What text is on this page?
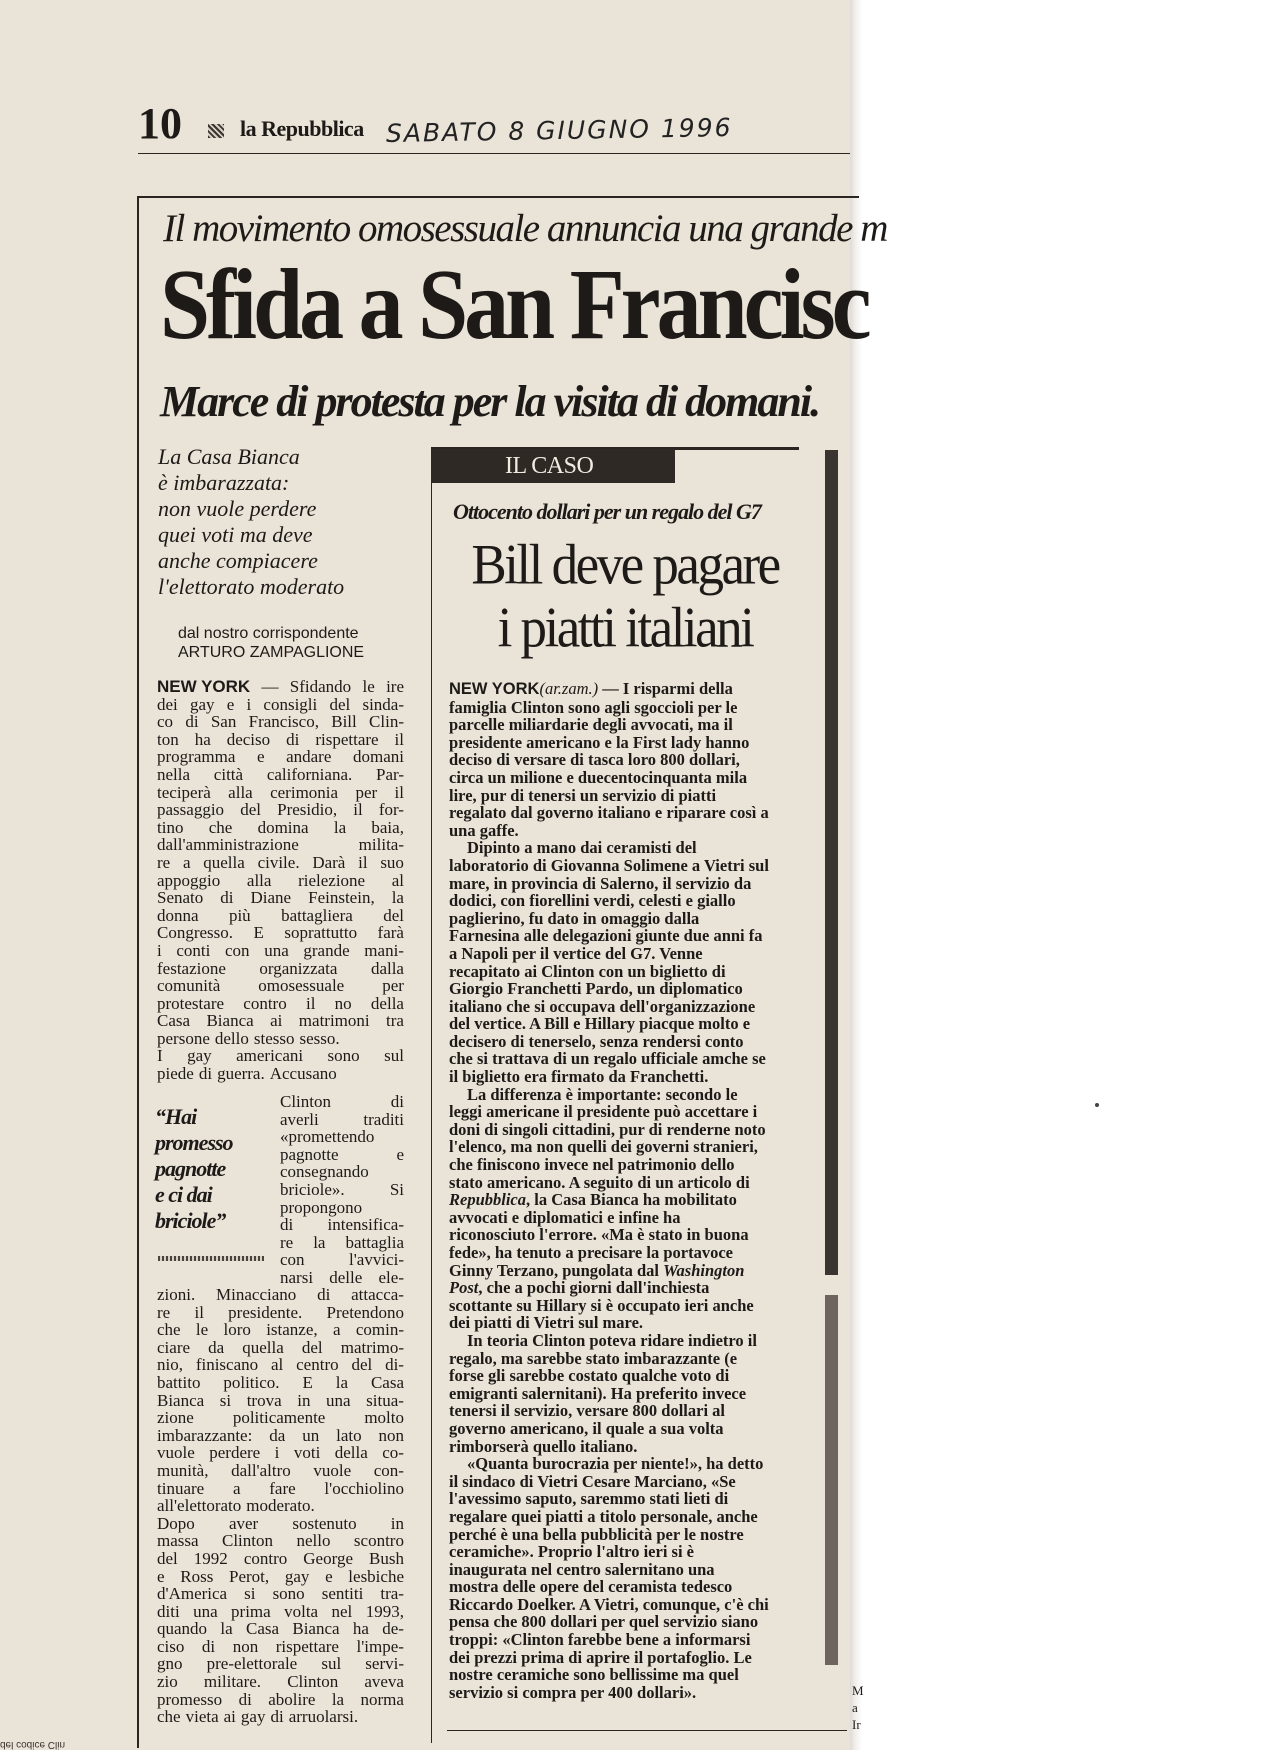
10	la Repubblica SABATO 8 GIUGNO 1996
Il movimento omosessuale annuncia una grande m
Sfida a San Francisc
Marce di protesta per la visita di domani.
La Casa Bianca
è imbarazzata:
non vuole perdere
quei voti ma deve
anche compiacere
l'elettorato moderato
dal nostro corrispondente
ARTURO ZAMPAGLIONE
NEW YORK — Sfidando le ire
dei gay e i consigli del sinda-
co di San Francisco, Bill Clin-
ton ha deciso di rispettare il
programma e andare domani
nella città californiana. Par-
teciperà alla cerimonia per il
passaggio del Presidio, il for-
tino che domina la baia,
dall'amministrazione	milita-
re a quella civile. Darà il suo
appoggio alla rielezione al
Senato di Diane Feinstein, la
donna più battagliera del
Congresso. E soprattutto farà
i conti con una grande mani-
festazione organizzata dalla
comunità omosessuale per
protestare contro il no della
Casa Bianca ai matrimoni tra
persone dello stesso sesso.
I gay americani sono sul
piede di guerra. Accusano
“Hai
promesso
pagnotte
e ci dai
briciole”
Clinton	di
averli	traditi
«promettendo
pagnotte	e
consegnando
briciole».	Si
propongono
di intensifica-
re la battaglia
con	l'avvici-
narsi delle ele-
zioni. Minacciano di attacca-
re il presidente. Pretendono
che le loro istanze, a comin-
ciare da quella del matrimo-
nio, finiscano al centro del di-
battito politico. E la Casa
Bianca si trova in una situa-
zione politicamente molto
imbarazzante: da un lato non
vuole perdere i voti della co-
munità, dall'altro vuole con-
tinuare a fare l'occhiolino
all'elettorato moderato.
Dopo aver sostenuto in
massa Clinton nello scontro
del 1992 contro George Bush
e Ross Perot, gay e lesbiche
d'America si sono sentiti tra-
diti una prima volta nel 1993,
quando la Casa Bianca ha de-
ciso di non rispettare l'impe-
gno pre-elettorale sul servi-
zio militare. Clinton aveva
promesso di abolire la norma
che vieta ai gay di arruolarsi.
IL CASO
Ottocento dollari per un regalo del G7
Bill deve pagare
i piatti italiani
NEW YORK(ar.zam.) — I risparmi della
famiglia Clinton sono agli sgoccioli per le
parcelle miliardarie degli avvocati, ma il
presidente americano e la First lady hanno
deciso di versare di tasca loro 800 dollari,
circa un milione e duecentocinquanta mila
lire, pur di tenersi un servizio di piatti
regalato dal governo italiano e riparare così a
una gaffe.
Dipinto a mano dai ceramisti del
laboratorio di Giovanna Solimene a Vietri sul
mare, in provincia di Salerno, il servizio da
dodici, con fiorellini verdi, celesti e giallo
paglierino, fu dato in omaggio dalla
Farnesina alle delegazioni giunte due anni fa
a Napoli per il vertice del G7. Venne
recapitato ai Clinton con un biglietto di
Giorgio Franchetti Pardo, un diplomatico
italiano che si occupava dell'organizzazione
del vertice. A Bill e Hillary piacque molto e
decisero di tenerselo, senza rendersi conto
che si trattava di un regalo ufficiale amche se
il biglietto era firmato da Franchetti.
La differenza è importante: secondo le
leggi americane il presidente può accettare i
doni di singoli cittadini, pur di renderne noto
l'elenco, ma non quelli dei governi stranieri,
che finiscono invece nel patrimonio dello
stato americano. A seguito di un articolo di
Repubblica, la Casa Bianca ha mobilitato
avvocati e diplomatici e infine ha
riconosciuto l'errore. «Ma è stato in buona
fede», ha tenuto a precisare la portavoce
Ginny Terzano, pungolata dal Washington
Post, che a pochi giorni dall'inchiesta
scottante su Hillary si è occupato ieri anche
dei piatti di Vietri sul mare.
In teoria Clinton poteva ridare indietro il
regalo, ma sarebbe stato imbarazzante (e
forse gli sarebbe costato qualche voto di
emigranti salernitani). Ha preferito invece
tenersi il servizio, versare 800 dollari al
governo americano, il quale a sua volta
rimborserà quello italiano.
«Quanta burocrazia per niente!», ha detto
il sindaco di Vietri Cesare Marciano, «Se
l'avessimo saputo, saremmo stati lieti di
regalare quei piatti a titolo personale, anche
perché è una bella pubblicità per le nostre
ceramiche». Proprio l'altro ieri si è
inaugurata nel centro salernitano una
mostra delle opere del ceramista tedesco
Riccardo Doelker. A Vietri, comunque, c'è chi
pensa che 800 dollari per quel servizio siano
troppi: «Clinton farebbe bene a informarsi
dei prezzi prima di aprire il portafoglio. Le
nostre ceramiche sono bellissime ma quel
servizio si compra per 400 dollari».	M
a
Ir
del codice Clin
